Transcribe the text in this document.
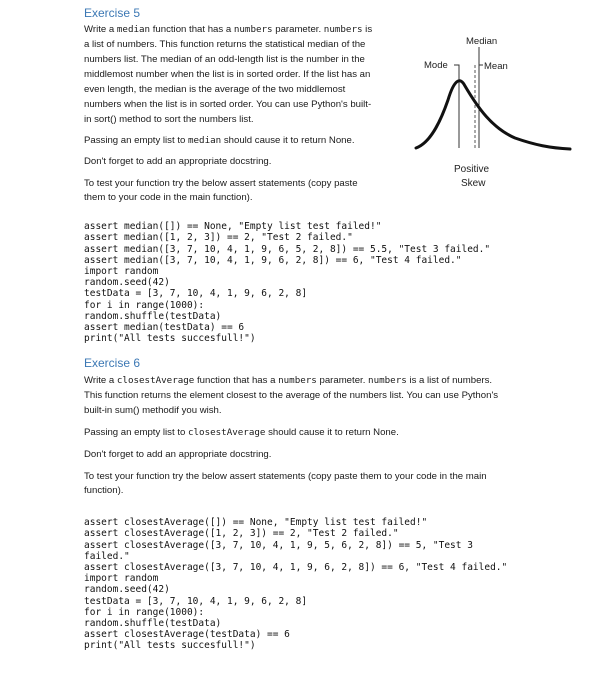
Exercise 5
Write a median function that has a numbers parameter. numbers is
a list of numbers. This function returns the statistical median of the
numbers list. The median of an odd-length list is the number in the
middlemost number when the list is in sorted order. If the list has an
even length, the median is the average of the two middlemost
numbers when the list is in sorted order. You can use Python's built-
in sort() method to sort the numbers list.
Passing an empty list to median should cause it to return None.
Don't forget to add an appropriate docstring.
To test your function try the below assert statements (copy paste
them to your code in the main function).

assert median([]) == None, "Empty list test failed!"
assert median([1, 2, 3]) == 2, "Test 2 failed."
assert median([3, 7, 10, 4, 1, 9, 6, 5, 2, 8]) == 5.5, "Test 3 failed."
assert median([3, 7, 10, 4, 1, 9, 6, 2, 8]) == 6, "Test 4 failed."
import random
random.seed(42)
testData = [3, 7, 10, 4, 1, 9, 6, 2, 8]
for i in range(1000):
random.shuffle(testData)
assert median(testData) == 6
print("All tests succesfull!")
Median
Mode	Mean
Positive
Skew
Exercise 6
Write a closestAverage function that has a numbers parameter. numbers is a list of numbers.
This function returns the element closest to the average of the numbers list. You can use Python's
built-in sum() methodif you wish.
Passing an empty list to closestAverage should cause it to return None.
Don't forget to add an appropriate docstring.
To test your function try the below assert statements (copy paste them to your code in the main
function).

assert closestAverage([]) == None, "Empty list test failed!"
assert closestAverage([1, 2, 3]) == 2, "Test 2 failed."
assert closestAverage([3, 7, 10, 4, 1, 9, 5, 6, 2, 8]) == 5, "Test 3
failed."
assert closestAverage([3, 7, 10, 4, 1, 9, 6, 2, 8]) == 6, "Test 4 failed."
import random
random.seed(42)
testData = [3, 7, 10, 4, 1, 9, 6, 2, 8]
for i in range(1000):
random.shuffle(testData)
assert closestAverage(testData) == 6
print("All tests succesfull!")
